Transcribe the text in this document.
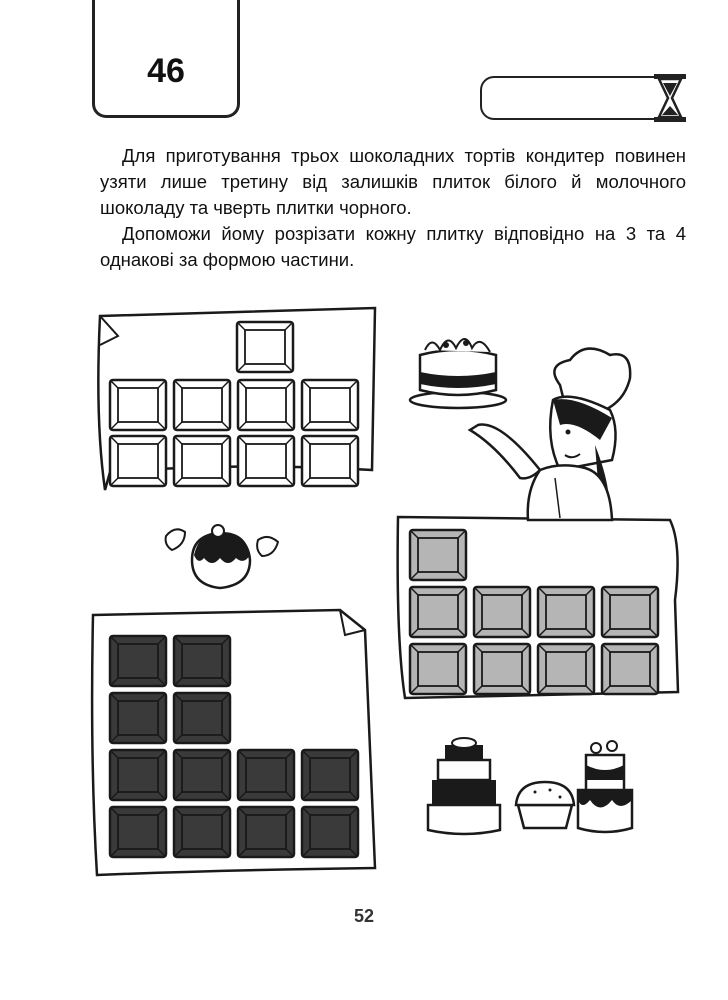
46

Для приготування трьох шоколадних тортів кондитер повинен узяти лише третину від залишків плиток білого й молочного шоколаду та чверть плитки чорного.

Допоможи йому розрізати кожну плитку відповідно на 3 та 4 однакові за формою частини.

52
